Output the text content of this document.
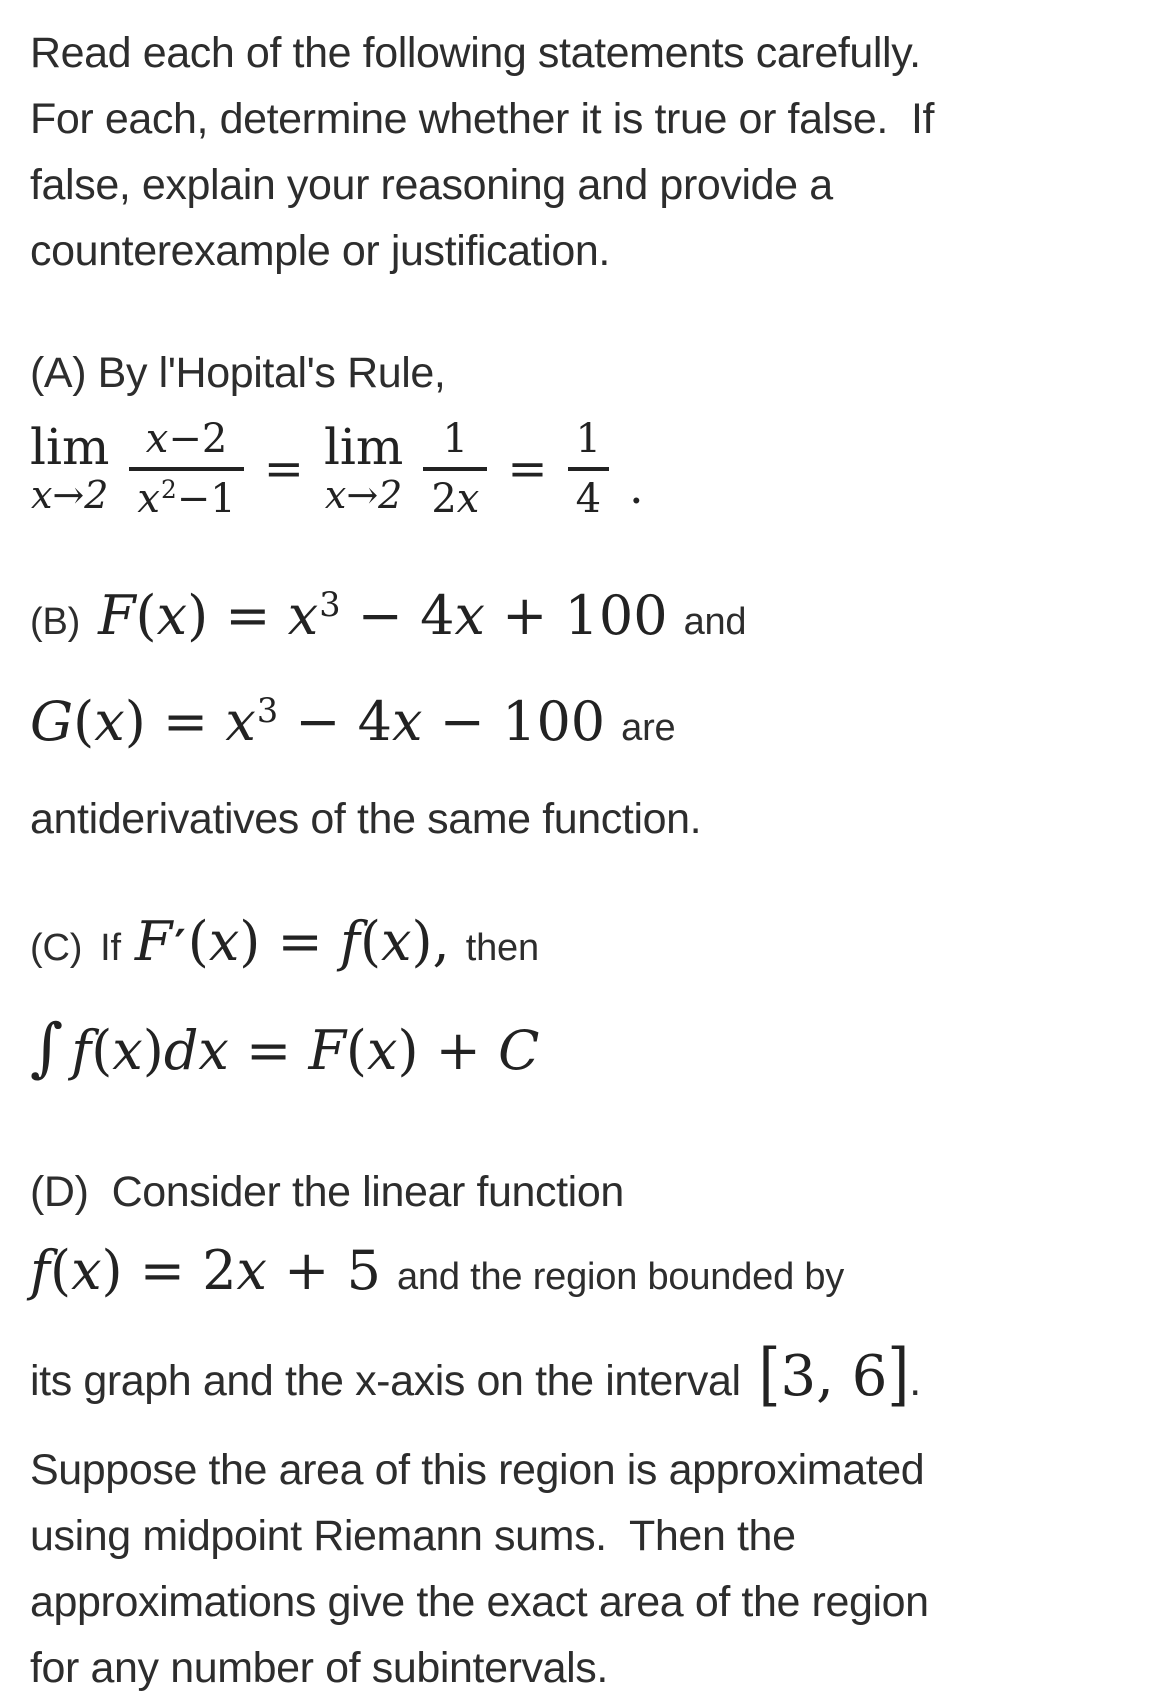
Read each of the following statements carefully.
For each, determine whether it is true or false.  If
false, explain your reasoning and provide a
counterexample or justification.
(A) By l'Hopital's Rule,
lim
$x\to 2 \frac{x-2}{x^2-1} = \lim$
$x\to 2 \frac{1}{2x} = \frac{1}{4}$ .
(B) $F(x) = x^3 - 4x + 100$ and
$G(x) = x^3 - 4x - 100$ are
antiderivatives of the same function.
(C) If F′(x) = f(x), then
∫ f(x)dx = F(x) + C
(D)  Consider the linear function
f(x) = 2x + 5 and the region bounded by
its graph and the x-axis on the interval [3, 6].
Suppose the area of this region is approximated
using midpoint Riemann sums.  Then the
approximations give the exact area of the region
for any number of subintervals.
